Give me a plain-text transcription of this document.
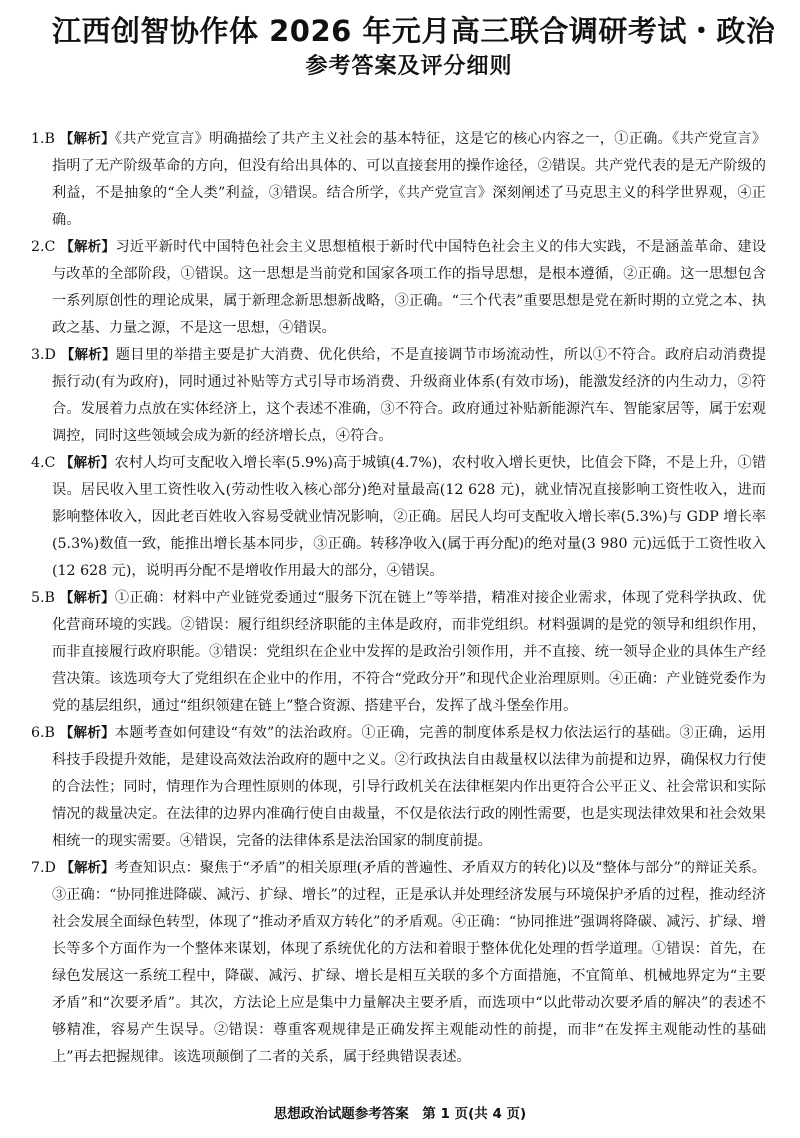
江西创智协作体 2026 年元月高三联合调研考试・政治
参考答案及评分细则

1.B 【解析】《共产党宣言》明确描绘了共产主义社会的基本特征，这是它的核心内容之一，①正确。《共产党宣言》指明了无产阶级革命的方向，但没有给出具体的、可以直接套用的操作途径，②错误。共产党代表的是无产阶级的利益，不是抽象的“全人类”利益，③错误。结合所学，《共产党宣言》深刻阐述了马克思主义的科学世界观，④正确。

2.C 【解析】习近平新时代中国特色社会主义思想植根于新时代中国特色社会主义的伟大实践，不是涵盖革命、建设与改革的全部阶段，①错误。这一思想是当前党和国家各项工作的指导思想，是根本遵循，②正确。这一思想包含一系列原创性的理论成果，属于新理念新思想新战略，③正确。“三个代表”重要思想是党在新时期的立党之本、执政之基、力量之源，不是这一思想，④错误。

3.D 【解析】题目里的举措主要是扩大消费、优化供给，不是直接调节市场流动性，所以①不符合。政府启动消费提振行动(有为政府)，同时通过补贴等方式引导市场消费、升级商业体系(有效市场)，能激发经济的内生动力，②符合。发展着力点放在实体经济上，这个表述不准确，③不符合。政府通过补贴新能源汽车、智能家居等，属于宏观调控，同时这些领域会成为新的经济增长点，④符合。

4.C 【解析】农村人均可支配收入增长率(5.9%)高于城镇(4.7%)，农村收入增长更快，比值会下降，不是上升，①错误。居民收入里工资性收入(劳动性收入核心部分)绝对量最高(12 628 元)，就业情况直接影响工资性收入，进而影响整体收入，因此老百姓收入容易受就业情况影响，②正确。居民人均可支配收入增长率(5.3%)与 GDP 增长率(5.3%)数值一致，能推出增长基本同步，③正确。转移净收入(属于再分配)的绝对量(3 980 元)远低于工资性收入(12 628 元)，说明再分配不是增收作用最大的部分，④错误。

5.B 【解析】①正确：材料中产业链党委通过“服务下沉在链上”等举措，精准对接企业需求，体现了党科学执政、优化营商环境的实践。②错误：履行组织经济职能的主体是政府，而非党组织。材料强调的是党的领导和组织作用，而非直接履行政府职能。③错误：党组织在企业中发挥的是政治引领作用，并不直接、统一领导企业的具体生产经营决策。该选项夸大了党组织在企业中的作用，不符合“党政分开”和现代企业治理原则。④正确：产业链党委作为党的基层组织，通过“组织领建在链上”整合资源、搭建平台，发挥了战斗堡垒作用。

6.B 【解析】本题考查如何建设“有效”的法治政府。①正确，完善的制度体系是权力依法运行的基础。③正确，运用科技手段提升效能，是建设高效法治政府的题中之义。②行政执法自由裁量权以法律为前提和边界，确保权力行使的合法性；同时，情理作为合理性原则的体现，引导行政机关在法律框架内作出更符合公平正义、社会常识和实际情况的裁量决定。在法律的边界内准确行使自由裁量，不仅是依法行政的刚性需要，也是实现法律效果和社会效果相统一的现实需要。④错误，完备的法律体系是法治国家的制度前提。

7.D 【解析】考查知识点：聚焦于“矛盾”的相关原理(矛盾的普遍性、矛盾双方的转化)以及“整体与部分”的辩证关系。③正确：“协同推进降碳、减污、扩绿、增长”的过程，正是承认并处理经济发展与环境保护矛盾的过程，推动经济社会发展全面绿色转型，体现了“推动矛盾双方转化”的矛盾观。④正确：“协同推进”强调将降碳、减污、扩绿、增长等多个方面作为一个整体来谋划，体现了系统优化的方法和着眼于整体优化处理的哲学道理。①错误：首先，在绿色发展这一系统工程中，降碳、减污、扩绿、增长是相互关联的多个方面措施，不宜简单、机械地界定为“主要矛盾”和“次要矛盾”。其次，方法论上应是集中力量解决主要矛盾，而选项中“以此带动次要矛盾的解决”的表述不够精准，容易产生误导。②错误：尊重客观规律是正确发挥主观能动性的前提，而非“在发挥主观能动性的基础上”再去把握规律。该选项颠倒了二者的关系，属于经典错误表述。

思想政治试题参考答案　第 1 页(共 4 页)
